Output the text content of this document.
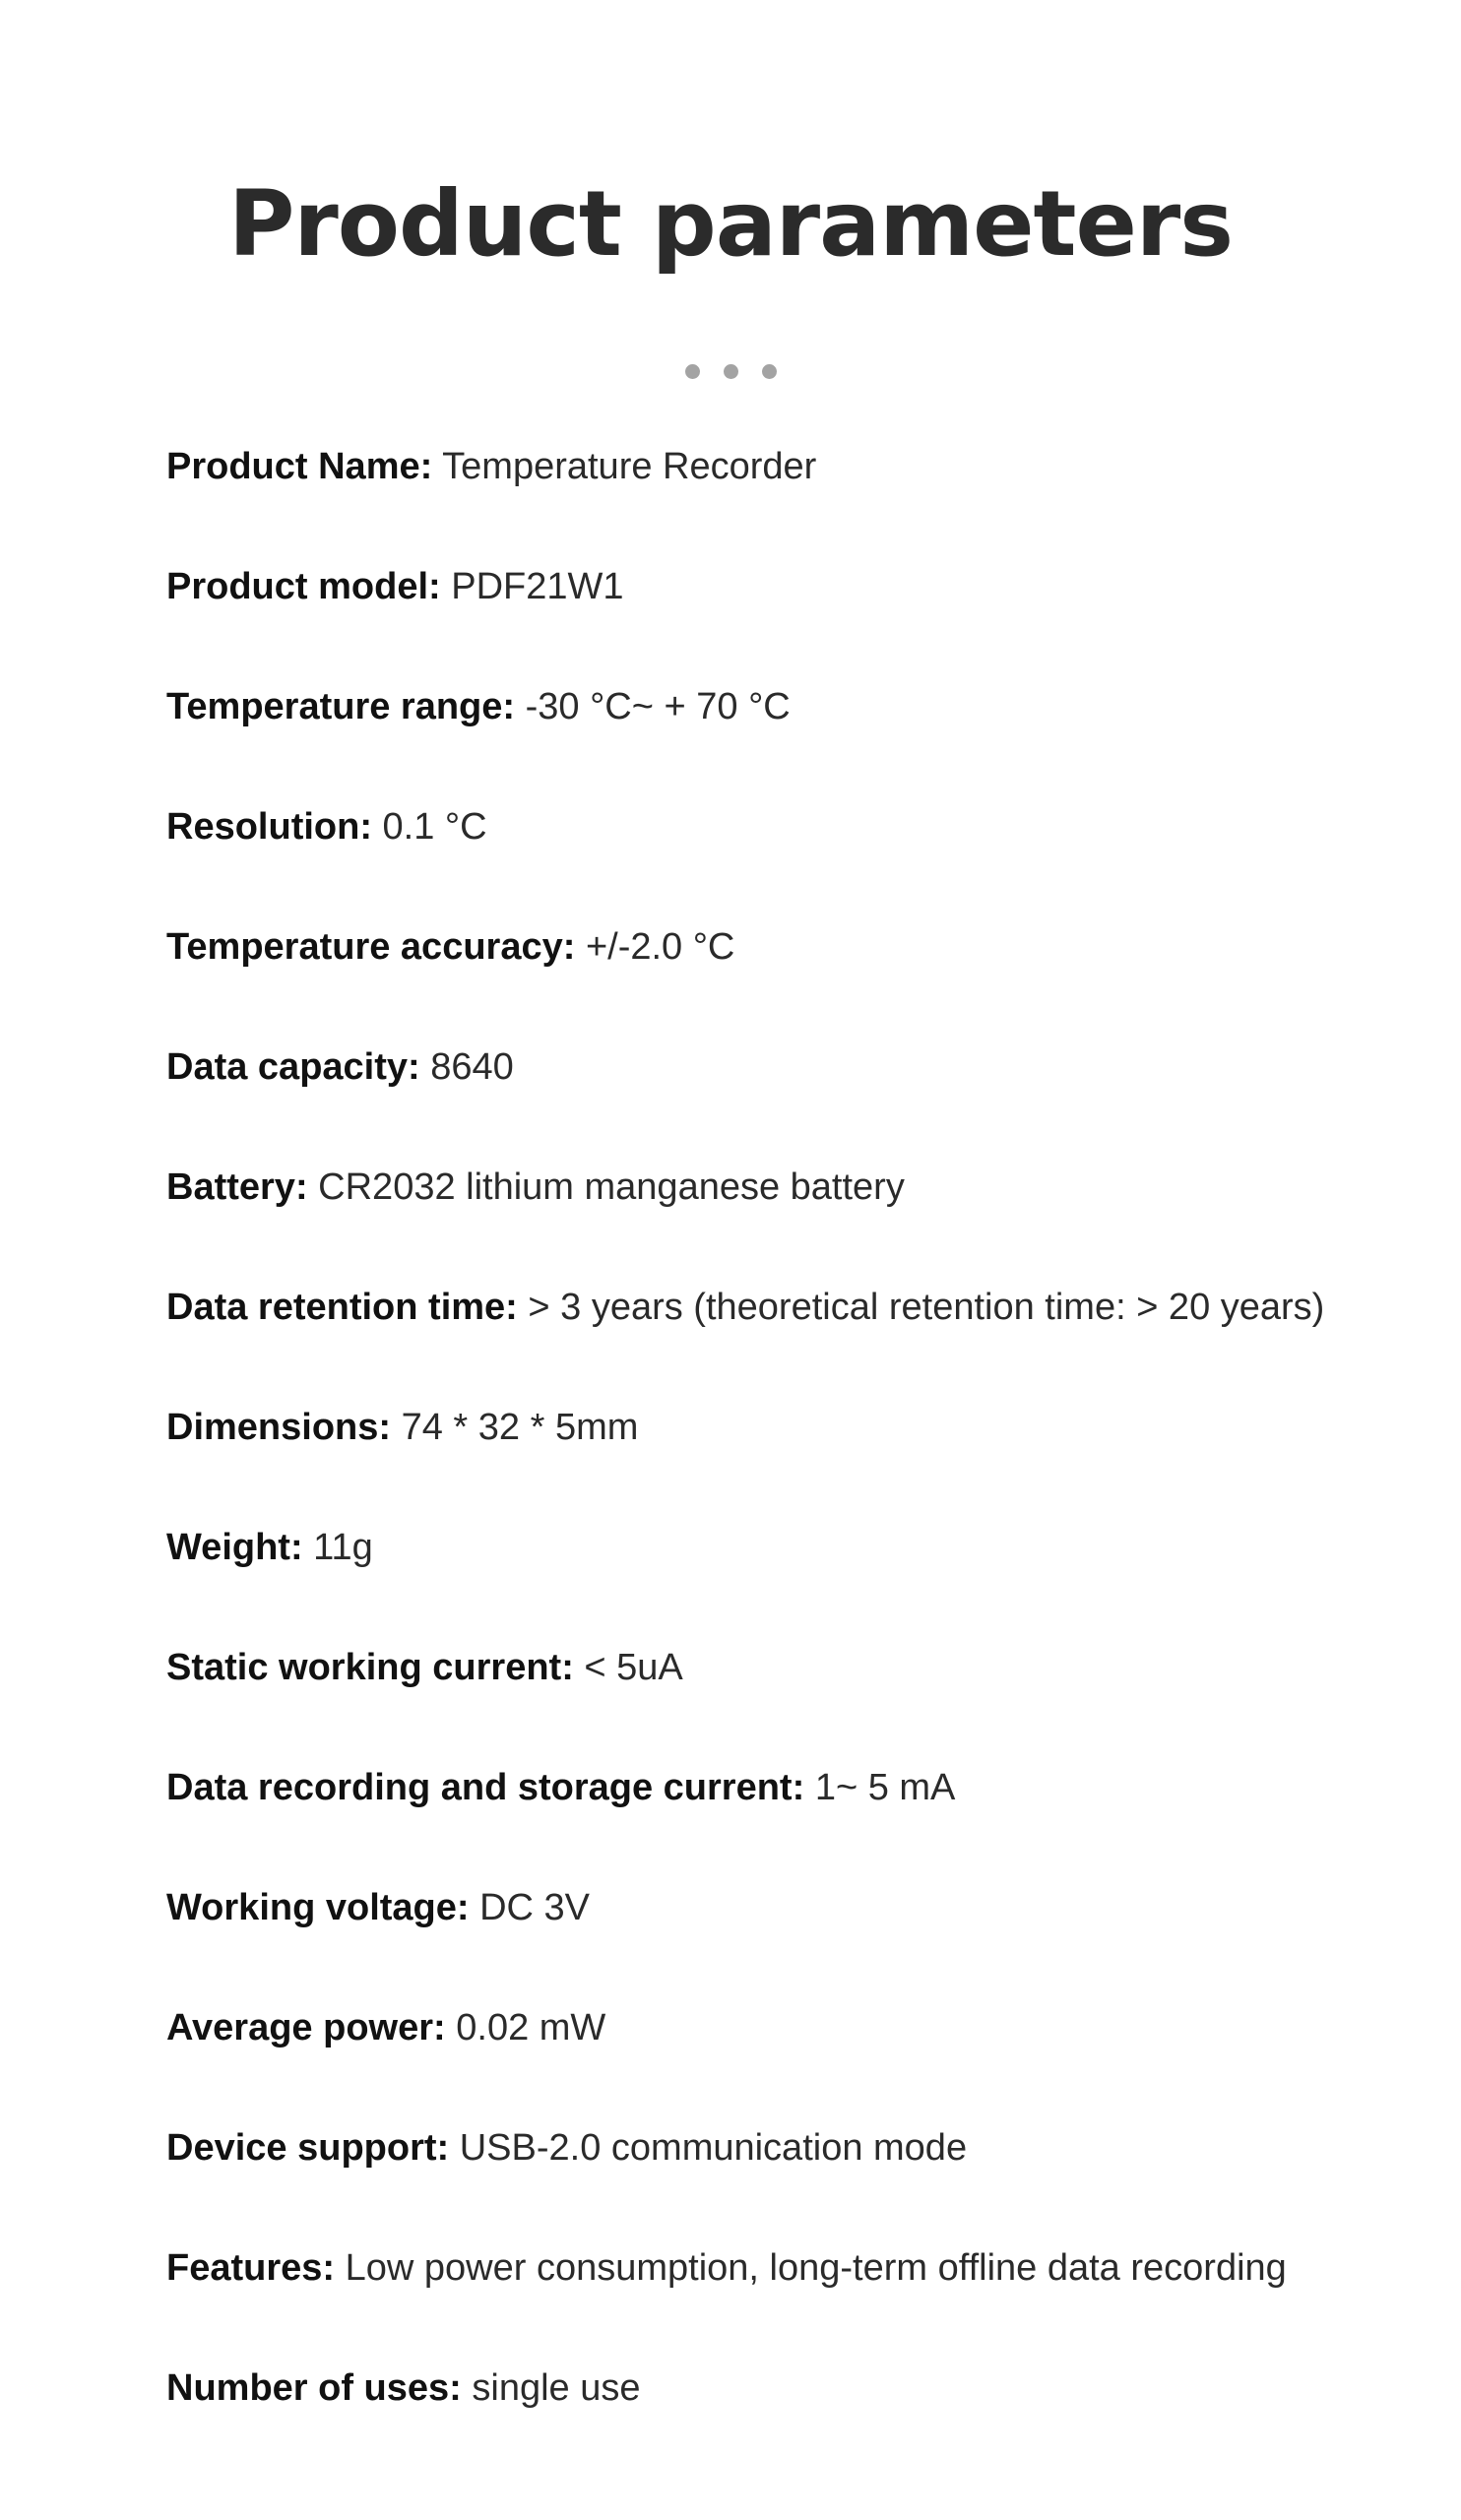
Product parameters
Product Name: Temperature Recorder
Product model: PDF21W1
Temperature range: -30 °C~ + 70 °C
Resolution: 0.1 °C
Temperature accuracy: +/-2.0 °C
Data capacity: 8640
Battery: CR2032 lithium manganese battery
Data retention time: > 3 years (theoretical retention time: > 20 years)
Dimensions: 74 * 32 * 5mm
Weight: 11g
Static working current: < 5uA
Data recording and storage current: 1~ 5 mA
Working voltage: DC 3V
Average power: 0.02 mW
Device support: USB-2.0 communication mode
Features: Low power consumption, long-term offline data recording
Number of uses: single use
